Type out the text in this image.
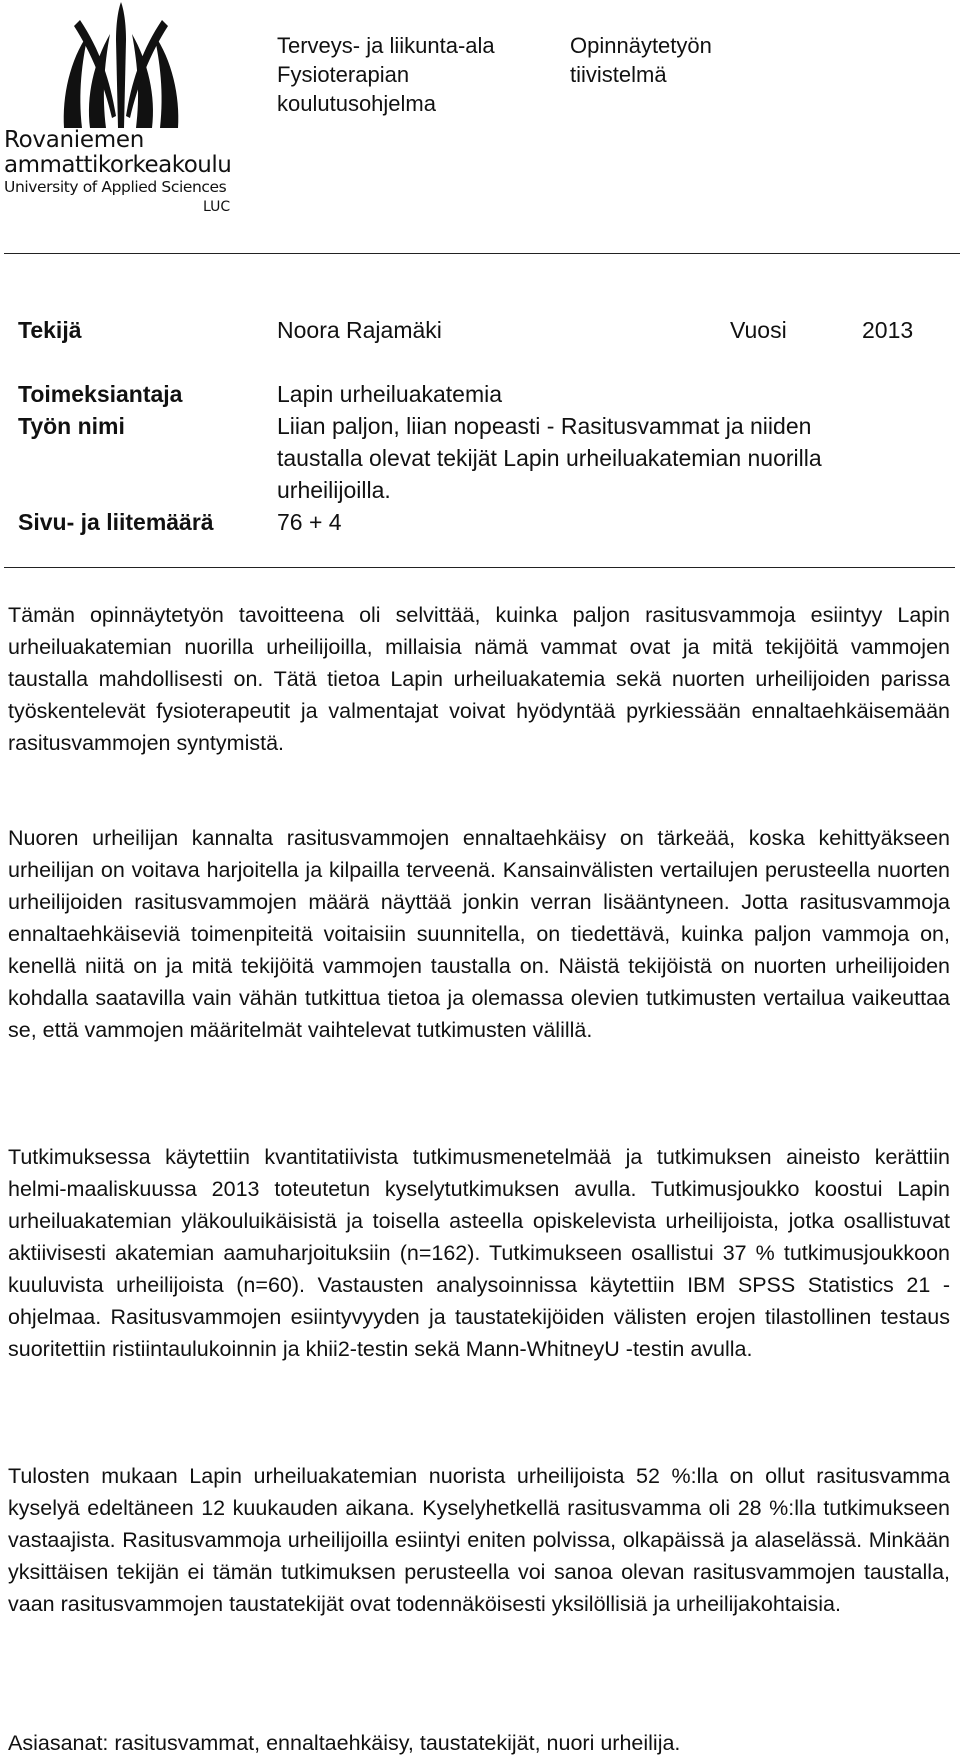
Rovaniemen
ammattikorkeakoulu
University of Applied Sciences
LUC
Terveys- ja liikunta-ala
Fysioterapian
koulutusohjelma
Opinnäytetyön
tiivistelmä
Tekijä	Noora Rajamäki	Vuosi	2013
Toimeksiantaja	Lapin urheiluakatemia
Työn nimi	Liian paljon, liian nopeasti - Rasitusvammat ja niiden
taustalla olevat tekijät Lapin urheiluakatemian nuorilla
urheilijoilla.
Sivu- ja liitemäärä	76 + 4

Tämän opinnäytetyön tavoitteena oli selvittää, kuinka paljon rasitusvammoja esiintyy Lapin urheiluakatemian nuorilla urheilijoilla, millaisia nämä vammat ovat ja mitä tekijöitä vammojen taustalla mahdollisesti on. Tätä tietoa Lapin urheiluakatemia sekä nuorten urheilijoiden parissa työskentelevät fysioterapeutit ja valmentajat voivat hyödyntää pyrkiessään ennaltaehkäisemään rasitusvammojen syntymistä.

Nuoren urheilijan kannalta rasitusvammojen ennaltaehkäisy on tärkeää, koska kehittyäkseen urheilijan on voitava harjoitella ja kilpailla terveenä. Kansainvälisten vertailujen perusteella nuorten urheilijoiden rasitusvammojen määrä näyttää jonkin verran lisääntyneen. Jotta rasitusvammoja ennaltaehkäiseviä toimenpiteitä voitaisiin suunnitella, on tiedettävä, kuinka paljon vammoja on, kenellä niitä on ja mitä tekijöitä vammojen taustalla on. Näistä tekijöistä on nuorten urheilijoiden kohdalla saatavilla vain vähän tutkittua tietoa ja olemassa olevien tutkimusten vertailua vaikeuttaa se, että vammojen määritelmät vaihtelevat tutkimusten välillä.

Tutkimuksessa käytettiin kvantitatiivista tutkimusmenetelmää ja tutkimuksen aineisto kerättiin helmi-maaliskuussa 2013 toteutetun kyselytutkimuksen avulla. Tutkimusjoukko koostui Lapin urheiluakatemian yläkouluikäisistä ja toisella asteella opiskelevista urheilijoista, jotka osallistuvat aktiivisesti akatemian aamuharjoituksiin (n=162). Tutkimukseen osallistui 37 % tutkimusjoukkoon kuuluvista urheilijoista (n=60). Vastausten analysoinnissa käytettiin IBM SPSS Statistics 21 -ohjelmaa. Rasitusvammojen esiintyvyyden ja taustatekijöiden välisten erojen tilastollinen testaus suoritettiin ristiintaulukoinnin ja khii2-testin sekä Mann-WhitneyU -testin avulla.

Tulosten mukaan Lapin urheiluakatemian nuorista urheilijoista 52 %:lla on ollut rasitusvamma kyselyä edeltäneen 12 kuukauden aikana. Kyselyhetkellä rasitusvamma oli 28 %:lla tutkimukseen vastaajista. Rasitusvammoja urheilijoilla esiintyi eniten polvissa, olkapäissä ja alaselässä. Minkään yksittäisen tekijän ei tämän tutkimuksen perusteella voi sanoa olevan rasitusvammojen taustalla, vaan rasitusvammojen taustatekijät ovat todennäköisesti yksilöllisiä ja urheilijakohtaisia.

Asiasanat: rasitusvammat, ennaltaehkäisy, taustatekijät, nuori urheilija.
